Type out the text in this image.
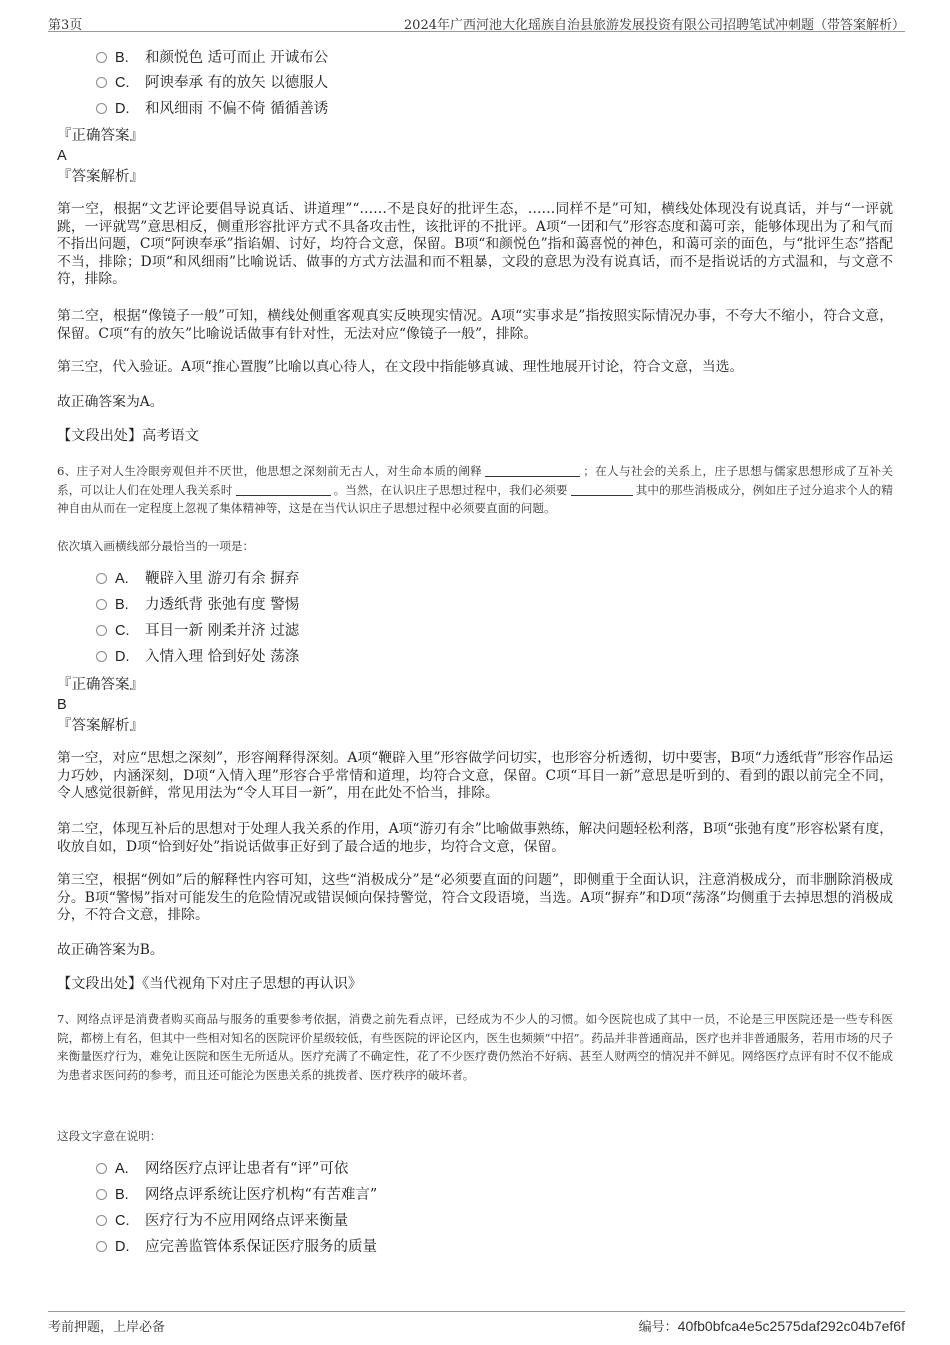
第3页	2024年广西河池大化瑶族自治县旅游发展投资有限公司招聘笔试冲刺题（带答案解析）
B. 和颜悦色 适可而止 开诚布公
C. 阿谀奉承 有的放矢 以德服人
D. 和风细雨 不偏不倚 循循善诱
『正确答案』
A
『答案解析』
第一空，根据“文艺评论要倡导说真话、讲道理”“……不是良好的批评生态，……同样不是”可知，横线处体现没有说真话，并与“一评就跳，一评就骂”意思相反，侧重形容批评方式不具备攻击性，该批评的不批评。A项“一团和气”形容态度和蔼可亲，能够体现出为了和气而不指出问题，C项“阿谀奉承”指谄媚、讨好，均符合文意，保留。B项“和颜悦色”指和蔼喜悦的神色，和蔼可亲的面色，与“批评生态”搭配不当，排除；D项“和风细雨”比喻说话、做事的方式方法温和而不粗暴，文段的意思为没有说真话，而不是指说话的方式温和，与文意不符，排除。
第二空，根据“像镜子一般”可知，横线处侧重客观真实反映现实情况。A项“实事求是”指按照实际情况办事，不夸大不缩小，符合文意，保留。C项“有的放矢”比喻说话做事有针对性，无法对应“像镜子一般”，排除。
第三空，代入验证。A项“推心置腹”比喻以真心待人，在文段中指能够真诚、理性地展开讨论，符合文意，当选。
故正确答案为A。
【文段出处】高考语文
6、庄子对人生冷眼旁观但并不厌世，他思想之深刻前无古人，对生命本质的阐释	；在人与社会的关系上，庄子思想与儒家思想形成了互补关系，可以让人们在处理人我关系时	。当然，在认识庄子思想过程中，我们必须要	其中的那些消极成分，例如庄子过分追求个人的精神自由从而在一定程度上忽视了集体精神等，这是在当代认识庄子思想过程中必须要直面的问题。
依次填入画横线部分最恰当的一项是：
A. 鞭辟入里 游刃有余 摒弃
B. 力透纸背 张弛有度 警惕
C. 耳目一新 刚柔并济 过滤
D. 入情入理 恰到好处 荡涤
『正确答案』
B
『答案解析』
第一空，对应“思想之深刻”，形容阐释得深刻。A项“鞭辟入里”形容做学问切实，也形容分析透彻，切中要害，B项“力透纸背”形容作品运力巧妙，内涵深刻，D项“入情入理”形容合乎常情和道理，均符合文意，保留。C项“耳目一新”意思是听到的、看到的跟以前完全不同，令人感觉很新鲜，常见用法为“令人耳目一新”，用在此处不恰当，排除。
第二空，体现互补后的思想对于处理人我关系的作用，A项“游刃有余”比喻做事熟练，解决问题轻松利落，B项“张弛有度”形容松紧有度，收放自如，D项“恰到好处”指说话做事正好到了最合适的地步，均符合文意，保留。
第三空，根据“例如”后的解释性内容可知，这些“消极成分”是“必须要直面的问题”，即侧重于全面认识，注意消极成分，而非删除消极成分。B项“警惕”指对可能发生的危险情况或错误倾向保持警觉，符合文段语境，当选。A项“摒弃”和D项“荡涤”均侧重于去掉思想的消极成分，不符合文意，排除。
故正确答案为B。
【文段出处】《当代视角下对庄子思想的再认识》
7、网络点评是消费者购买商品与服务的重要参考依据，消费之前先看点评，已经成为不少人的习惯。如今医院也成了其中一员，不论是三甲医院还是一些专科医院，都榜上有名，但其中一些相对知名的医院评价星级较低，有些医院的评论区内，医生也频频“中招”。药品并非普通商品，医疗也并非普通服务，若用市场的尺子来衡量医疗行为，难免让医院和医生无所适从。医疗充满了不确定性，花了不少医疗费仍然治不好病、甚至人财两空的情况并不鲜见。网络医疗点评有时不仅不能成为患者求医问药的参考，而且还可能沦为医患关系的挑拨者、医疗秩序的破坏者。
这段文字意在说明：
A. 网络医疗点评让患者有“评”可依
B. 网络点评系统让医疗机构“有苦难言”
C. 医疗行为不应用网络点评来衡量
D. 应完善监管体系保证医疗服务的质量
考前押题，上岸必备	编号：40fb0bfca4e5c2575daf292c04b7ef6f
